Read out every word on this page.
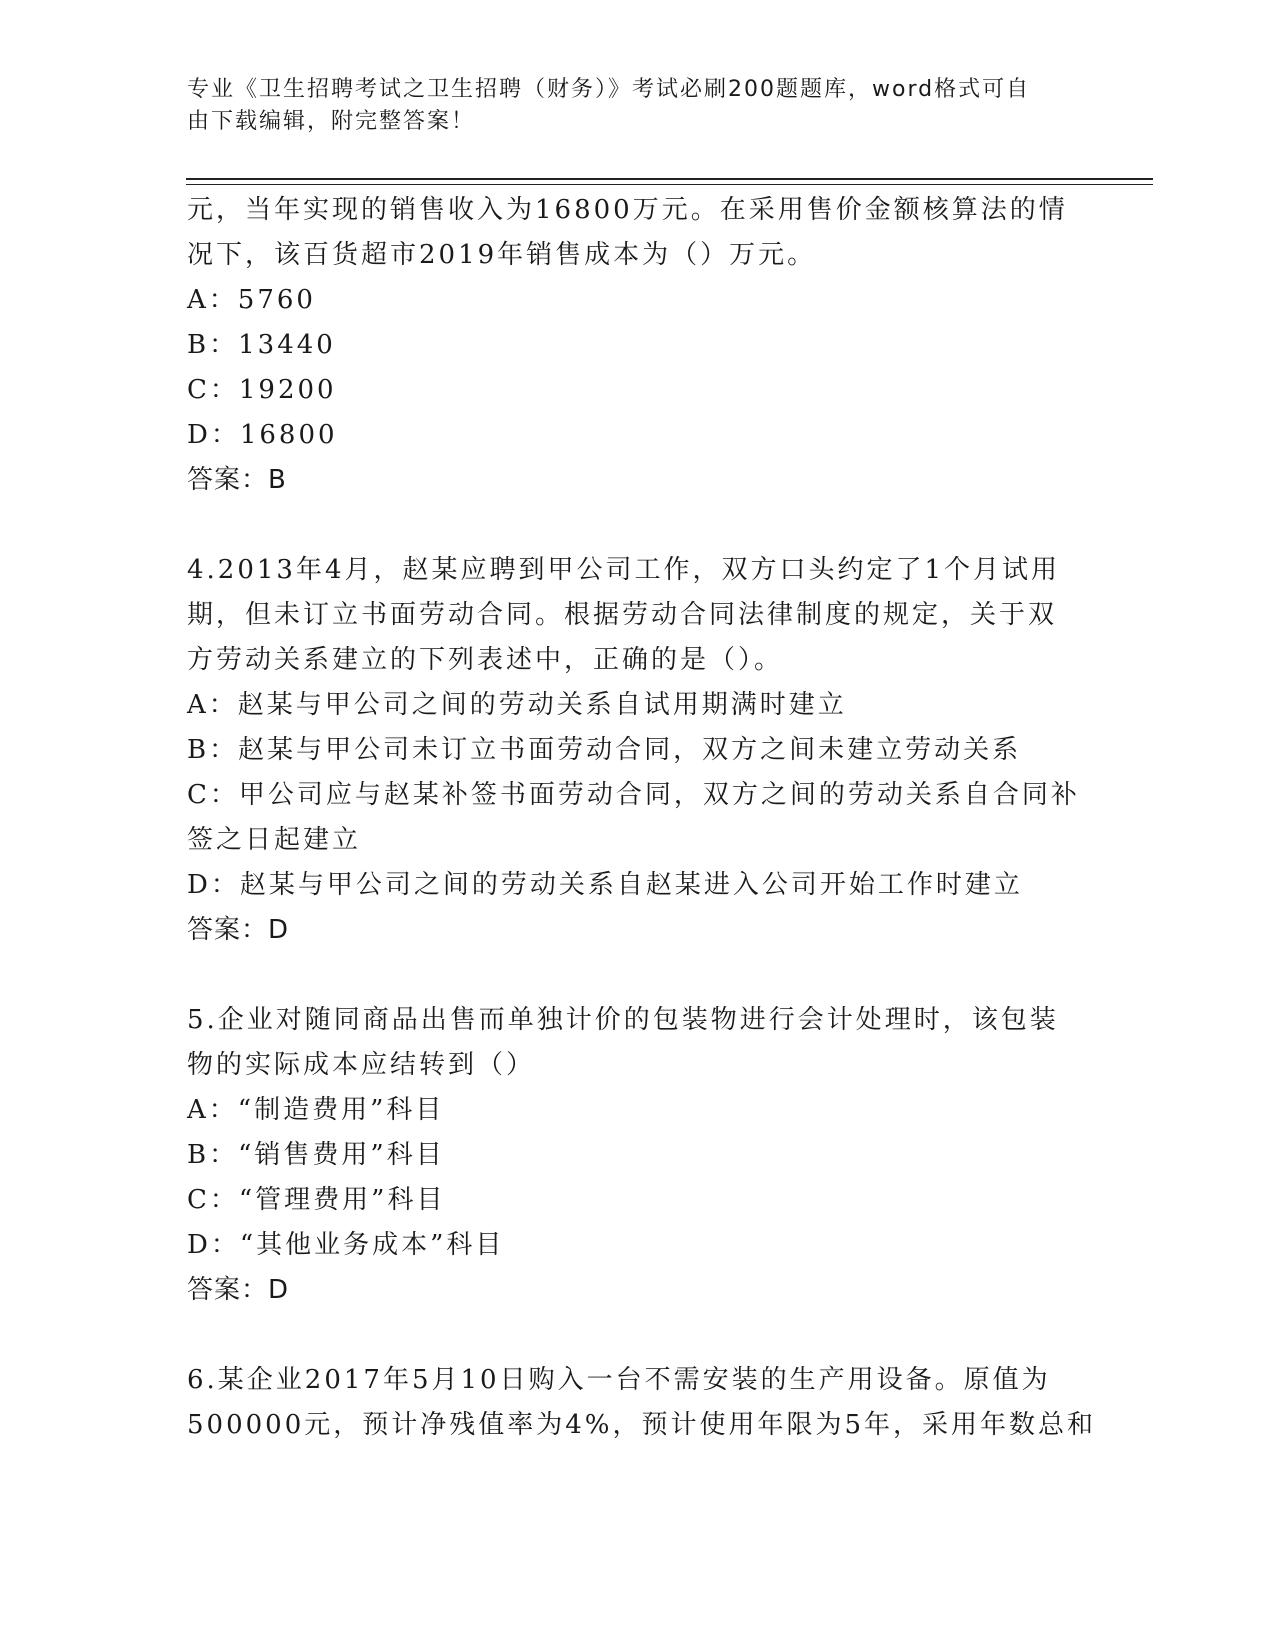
专业《卫生招聘考试之卫生招聘（财务）》考试必刷200题题库，word格式可自
由下载编辑，附完整答案！
元，当年实现的销售收入为16800万元。在采用售价金额核算法的情
况下，该百货超市2019年销售成本为（）万元。
A：5760
B：13440
C：19200
D：16800
答案：B
4.2013年4月，赵某应聘到甲公司工作，双方口头约定了1个月试用
期，但未订立书面劳动合同。根据劳动合同法律制度的规定，关于双
方劳动关系建立的下列表述中，正确的是（）。
A：赵某与甲公司之间的劳动关系自试用期满时建立
B：赵某与甲公司未订立书面劳动合同，双方之间未建立劳动关系
C：甲公司应与赵某补签书面劳动合同，双方之间的劳动关系自合同补
签之日起建立
D：赵某与甲公司之间的劳动关系自赵某进入公司开始工作时建立
答案：D
5.企业对随同商品出售而单独计价的包装物进行会计处理时，该包装
物的实际成本应结转到（）
A：“制造费用”科目
B：“销售费用”科目
C：“管理费用”科目
D：“其他业务成本”科目
答案：D
6.某企业2017年5月10日购入一台不需安装的生产用设备。原值为
500000元，预计净残值率为4%，预计使用年限为5年，采用年数总和
